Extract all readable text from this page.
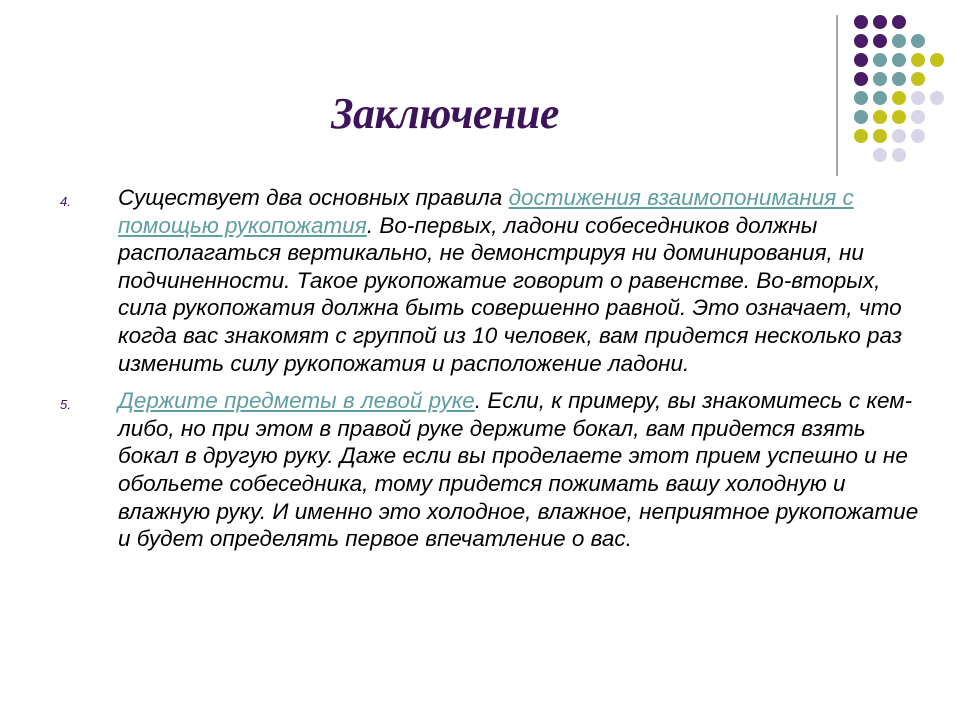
Заключение
4. Существует два основных правила достижения взаимопонимания с помощью рукопожатия. Во-первых, ладони собеседников должны располагаться вертикально, не демонстрируя ни доминирования, ни подчиненности. Такое рукопожатие говорит о равенстве. Во-вторых, сила рукопожатия должна быть совершенно равной. Это означает, что когда вас знакомят с группой из 10 человек, вам придется несколько раз изменить силу рукопожатия и расположение ладони.
5. Держите предметы в левой руке. Если, к примеру, вы знакомитесь с кем-либо, но при этом в правой руке держите бокал, вам придется взять бокал в другую руку. Даже если вы проделаете этот прием успешно и не обольете собеседника, тому придется пожимать вашу холодную и влажную руку. И именно это холодное, влажное, неприятное рукопожатие и будет определять первое впечатление о вас.
